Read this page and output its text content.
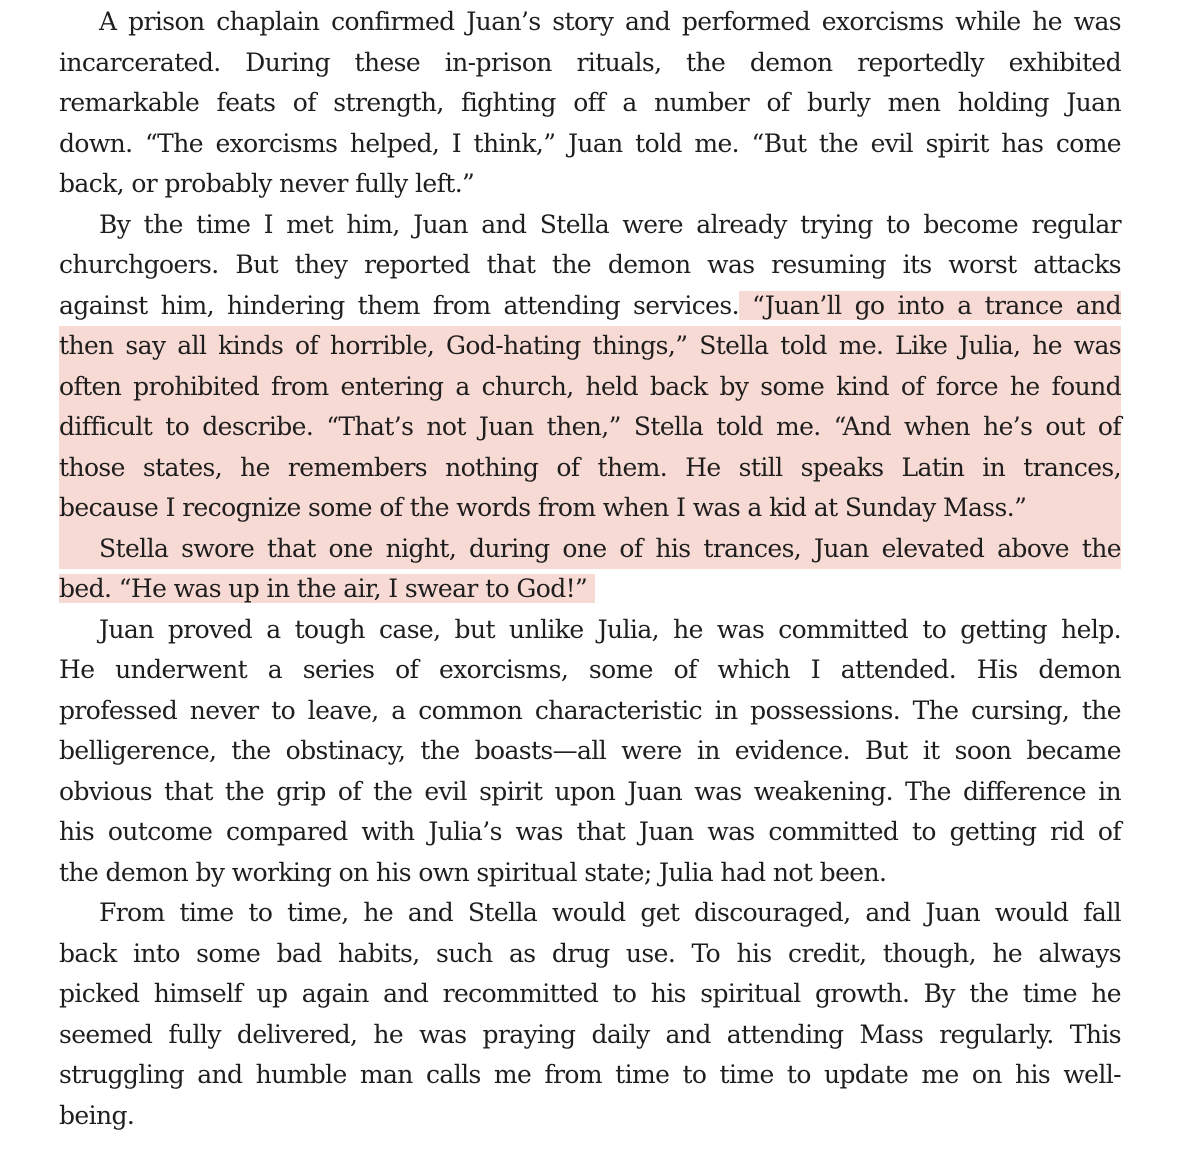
A prison chaplain confirmed Juan’s story and performed exorcisms while he was
incarcerated. During these in-prison rituals, the demon reportedly exhibited
remarkable feats of strength, fighting off a number of burly men holding Juan
down. “The exorcisms helped, I think,” Juan told me. “But the evil spirit has come
back, or probably never fully left.”
By the time I met him, Juan and Stella were already trying to become regular
churchgoers. But they reported that the demon was resuming its worst attacks
against him, hindering them from attending services. “Juan’ll go into a trance and
then say all kinds of horrible, God-hating things,” Stella told me. Like Julia, he was
often prohibited from entering a church, held back by some kind of force he found
difficult to describe. “That’s not Juan then,” Stella told me. “And when he’s out of
those states, he remembers nothing of them. He still speaks Latin in trances,
because I recognize some of the words from when I was a kid at Sunday Mass.”
Stella swore that one night, during one of his trances, Juan elevated above the
bed. “He was up in the air, I swear to God!”
Juan proved a tough case, but unlike Julia, he was committed to getting help.
He underwent a series of exorcisms, some of which I attended. His demon
professed never to leave, a common characteristic in possessions. The cursing, the
belligerence, the obstinacy, the boasts—all were in evidence. But it soon became
obvious that the grip of the evil spirit upon Juan was weakening. The difference in
his outcome compared with Julia’s was that Juan was committed to getting rid of
the demon by working on his own spiritual state; Julia had not been.
From time to time, he and Stella would get discouraged, and Juan would fall
back into some bad habits, such as drug use. To his credit, though, he always
picked himself up again and recommitted to his spiritual growth. By the time he
seemed fully delivered, he was praying daily and attending Mass regularly. This
struggling and humble man calls me from time to time to update me on his well-
being.
